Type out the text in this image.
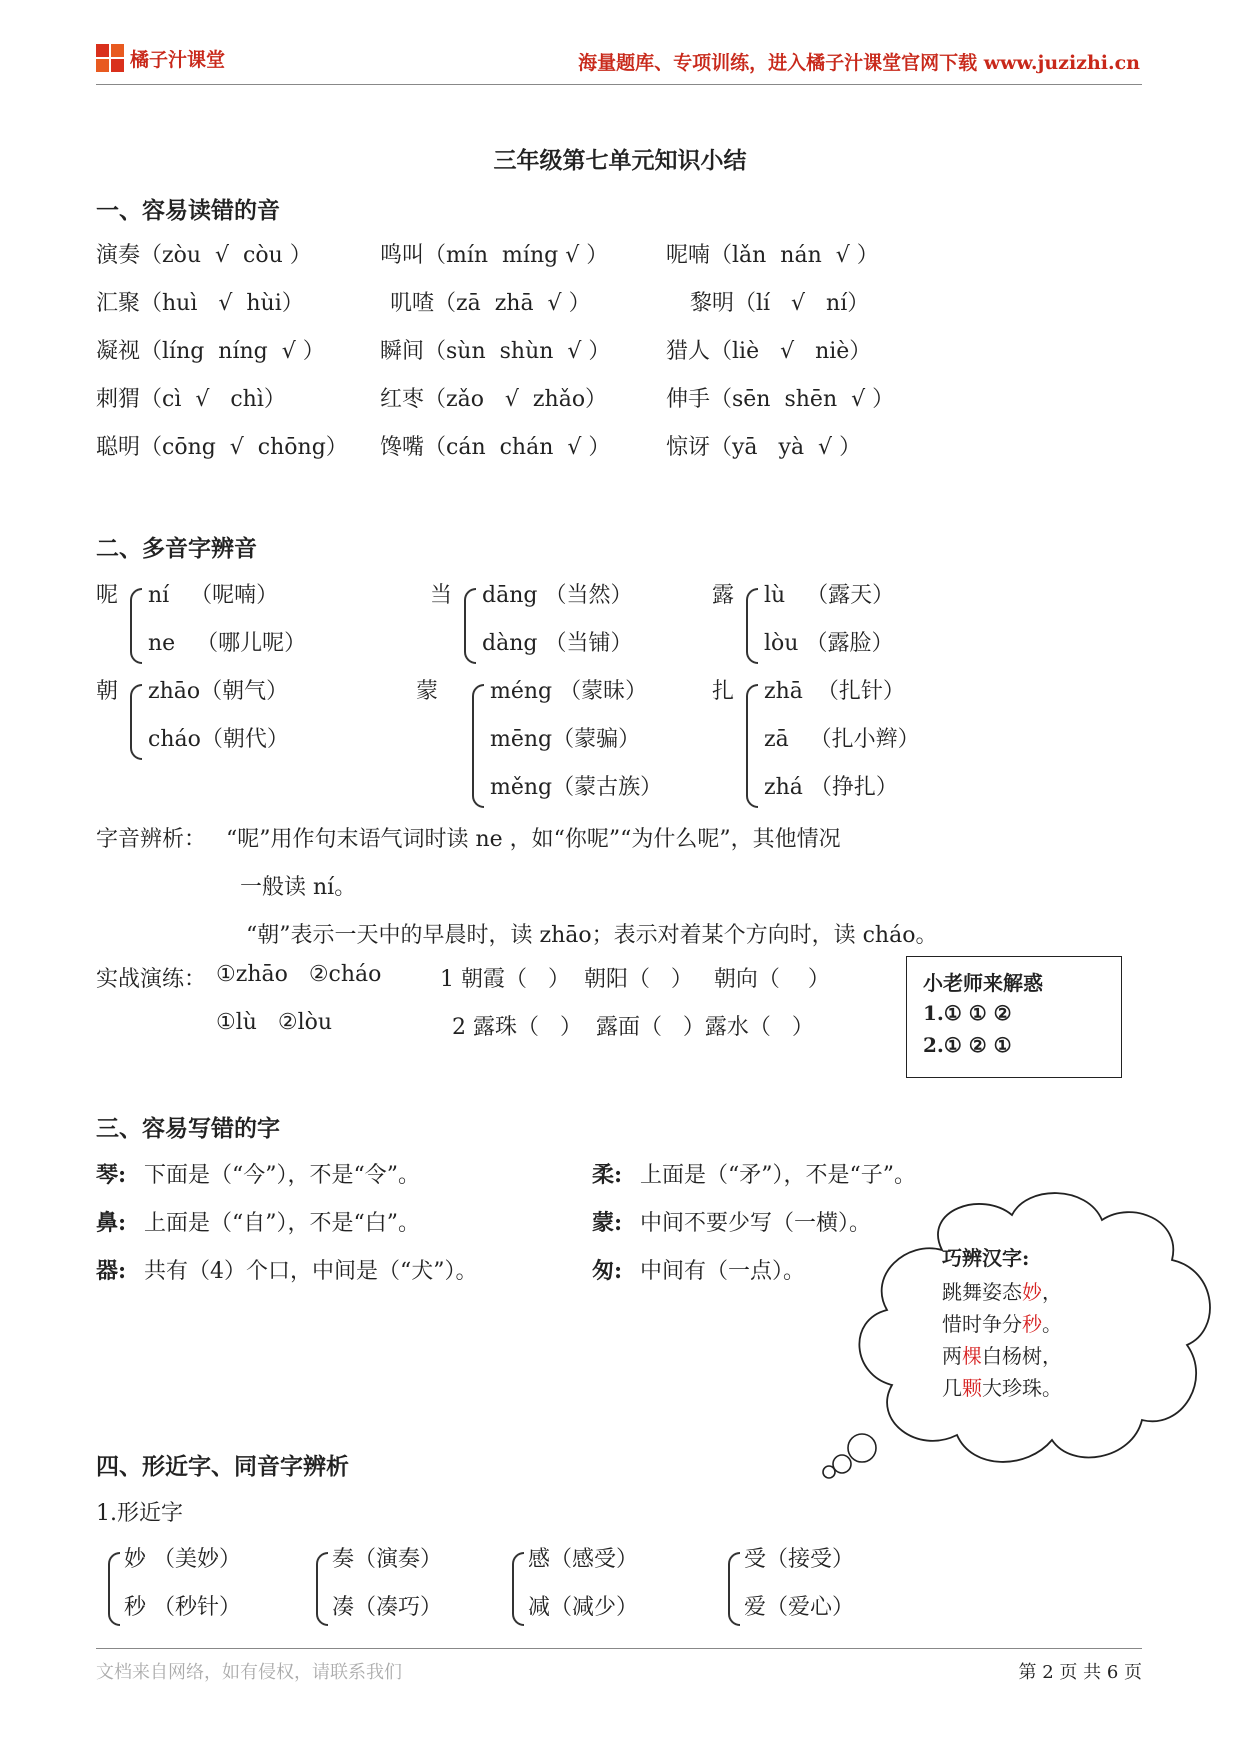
橘子汁课堂	海量题库、专项训练，进入橘子汁课堂官网下载 www.juzizhi.cn
三年级第七单元知识小结
一、容易读错的音
演奏（zòu  √  còu ）	鸣叫（mín  míng √ ）	呢喃（lǎn  nán  √ ）
汇聚（huì   √  hùi）	叽喳（zā  zhā  √ ）	黎明（lí   √   ní）
凝视（líng  níng  √ ）	瞬间（sùn  shùn  √ ）	猎人（liè   √   niè）
刺猬（cì  √   chì）	红枣（zǎo   √  zhǎo）	伸手（sēn  shēn  √ ）
聪明（cōng  √  chōng） 馋嘴（cán  chán  √ ）	惊讶（yā   yà  √ ）
二、多音字辨音
呢 ní   （呢喃）
ne   （哪儿呢）
当 dāng （当然）
dàng （当铺）
露 lù   （露天）
lòu （露脸）
朝 zhāo（朝气）
cháo（朝代）
蒙 méng （蒙昧）
mēng（蒙骗）
měng（蒙古族）
扎 zhā  （扎针）
zā   （扎小辫）
zhá （挣扎）
字音辨析： “呢”用作句末语气词时读 ne ，如“你呢”“为什么呢”，其他情况
一般读 ní。
“朝”表示一天中的早晨时，读 zhāo；表示对着某个方向时，读 cháo。
实战演练： ①zhāo   ②cháo	1 朝霞（   ）  朝阳（   ）   朝向（    ）
①lù   ②lòu	2 露珠（   ）  露面（   ）露水（   ）
小老师来解惑
1.① ① ②
2.① ② ①
三、容易写错的字
琴: 下面是（“今”），不是“令”。	柔: 上面是（“矛”），不是“子”。
鼻: 上面是（“自”），不是“白”。	蒙: 中间不要少写（一横）。
器: 共有（4）个口，中间是（“犬”）。	匆: 中间有（一点）。
巧辨汉字:
跳舞姿态妙，
惜时争分秒。
两棵白杨树，
几颗大珍珠。
四、形近字、同音字辨析
1.形近字
妙 （美妙）
秒 （秒针）
奏（演奏）
凑（凑巧）
感（感受）
减（减少）
受（接受）
爱（爱心）
文档来自网络，如有侵权，请联系我们	第 2 页 共 6 页
